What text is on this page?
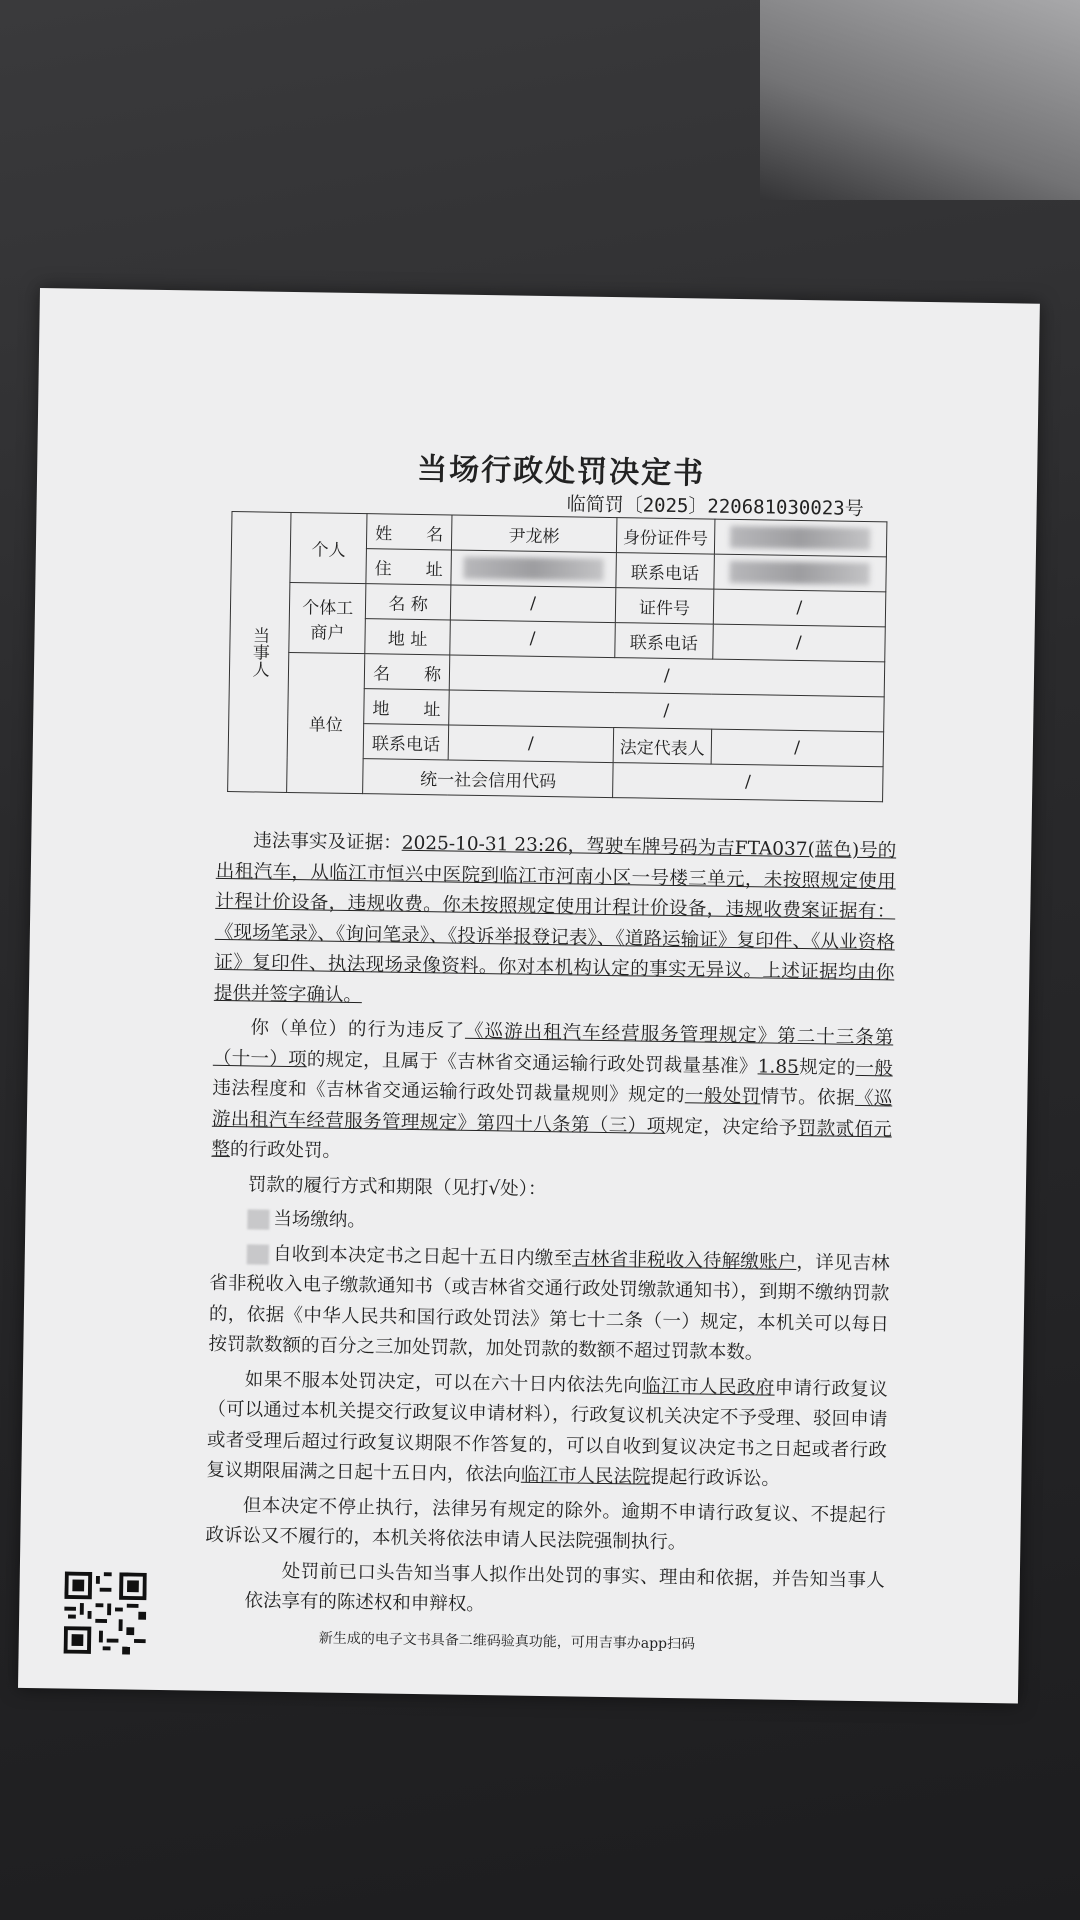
当场行政处罚决定书
临简罚〔2025〕220681030023号
当事人	个人	姓　　名	尹龙彬	身份证件号	
		住　　址		联系电话	
	个体工商户	名 称	/	证件号	/
		地 址	/	联系电话	/
	单位	名　　称	/		
		地　　址	/		
		联系电话	/	法定代表人	/
		统一社会信用代码		/	

违法事实及证据：2025-10-31 23:26，驾驶车牌号码为吉FTA037(蓝色)号的出租汽车，从临江市恒兴中医院到临江市河南小区一号楼三单元，未按照规定使用计程计价设备，违规收费。你未按照规定使用计程计价设备，违规收费案证据有：《现场笔录》、《询问笔录》、《投诉举报登记表》、《道路运输证》复印件、《从业资格证》复印件、执法现场录像资料。你对本机构认定的事实无异议。上述证据均由你提供并签字确认。

你（单位）的行为违反了《巡游出租汽车经营服务管理规定》第二十三条第（十一）项的规定，且属于《吉林省交通运输行政处罚裁量基准》1.85规定的一般违法程度和《吉林省交通运输行政处罚裁量规则》规定的一般处罚情节。依据《巡游出租汽车经营服务管理规定》第四十八条第（三）项规定，决定给予罚款贰佰元整的行政处罚。

罚款的履行方式和期限（见打√处）：

当场缴纳。

自收到本决定书之日起十五日内缴至吉林省非税收入待解缴账户，详见吉林省非税收入电子缴款通知书（或吉林省交通行政处罚缴款通知书），到期不缴纳罚款的，依据《中华人民共和国行政处罚法》第七十二条（一）规定，本机关可以每日按罚款数额的百分之三加处罚款，加处罚款的数额不超过罚款本数。

如果不服本处罚决定，可以在六十日内依法先向临江市人民政府申请行政复议（可以通过本机关提交行政复议申请材料），行政复议机关决定不予受理、驳回申请或者受理后超过行政复议期限不作答复的，可以自收到复议决定书之日起或者行政复议期限届满之日起十五日内，依法向临江市人民法院提起行政诉讼。

但本决定不停止执行，法律另有规定的除外。逾期不申请行政复议、不提起行政诉讼又不履行的，本机关将依法申请人民法院强制执行。

处罚前已口头告知当事人拟作出处罚的事实、理由和依据，并告知当事人依法享有的陈述权和申辩权。

新生成的电子文书具备二维码验真功能，可用吉事办app扫码
